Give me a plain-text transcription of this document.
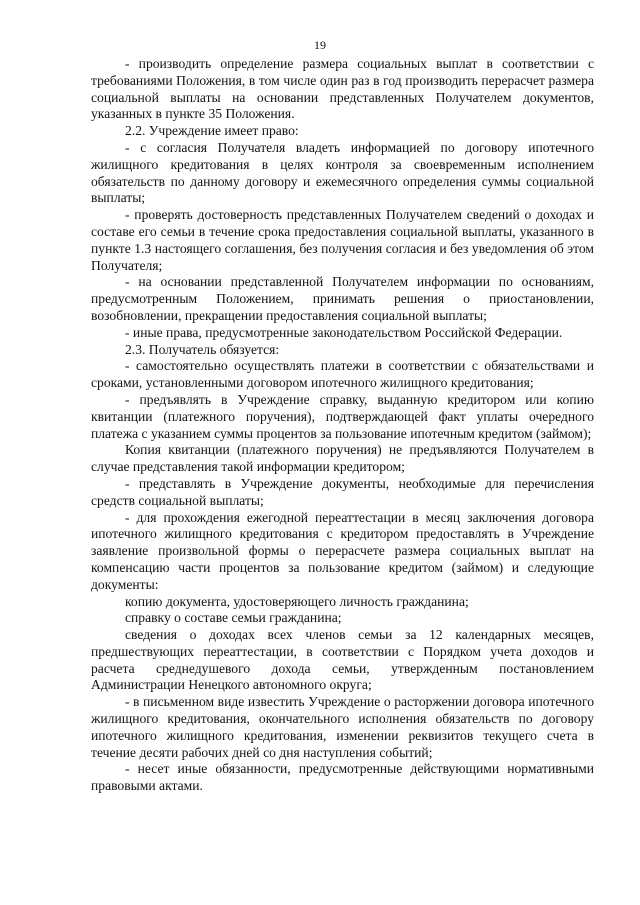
19

- производить определение размера социальных выплат в соответствии с требованиями Положения, в том числе один раз в год производить перерасчет размера социальной выплаты на основании представленных Получателем документов, указанных в пункте 35 Положения.

2.2. Учреждение имеет право:

- с согласия Получателя владеть информацией по договору ипотечного жилищного кредитования в целях контроля за своевременным исполнением обязательств по данному договору и ежемесячного определения суммы социальной выплаты;

- проверять достоверность представленных Получателем сведений о доходах и составе его семьи в течение срока предоставления социальной выплаты, указанного в пункте 1.3 настоящего соглашения, без получения согласия и без уведомления об этом Получателя;

- на основании представленной Получателем информации по основаниям, предусмотренным Положением, принимать решения о приостановлении, возобновлении, прекращении предоставления социальной выплаты;

- иные права, предусмотренные законодательством Российской Федерации.

2.3. Получатель обязуется:

- самостоятельно осуществлять платежи в соответствии с обязательствами и сроками, установленными договором ипотечного жилищного кредитования;

- предъявлять в Учреждение справку, выданную кредитором или копию квитанции (платежного поручения), подтверждающей факт уплаты очередного платежа с указанием суммы процентов за пользование ипотечным кредитом (займом);

Копия квитанции (платежного поручения) не предъявляются Получателем в случае представления такой информации кредитором;

- представлять в Учреждение документы, необходимые для перечисления средств социальной выплаты;

- для прохождения ежегодной переаттестации в месяц заключения договора ипотечного жилищного кредитования с кредитором предоставлять в Учреждение заявление произвольной формы о перерасчете размера социальных выплат на компенсацию части процентов за пользование кредитом (займом) и следующие документы:

копию документа, удостоверяющего личность гражданина;

справку о составе семьи гражданина;

сведения о доходах всех членов семьи за 12 календарных месяцев, предшествующих переаттестации, в соответствии с Порядком учета доходов и расчета среднедушевого дохода семьи, утвержденным постановлением Администрации Ненецкого автономного округа;

- в письменном виде известить Учреждение о расторжении договора ипотечного жилищного кредитования, окончательного исполнения обязательств по договору ипотечного жилищного кредитования, изменении реквизитов текущего счета в течение десяти рабочих дней со дня наступления событий;

- несет иные обязанности, предусмотренные действующими нормативными правовыми актами.
